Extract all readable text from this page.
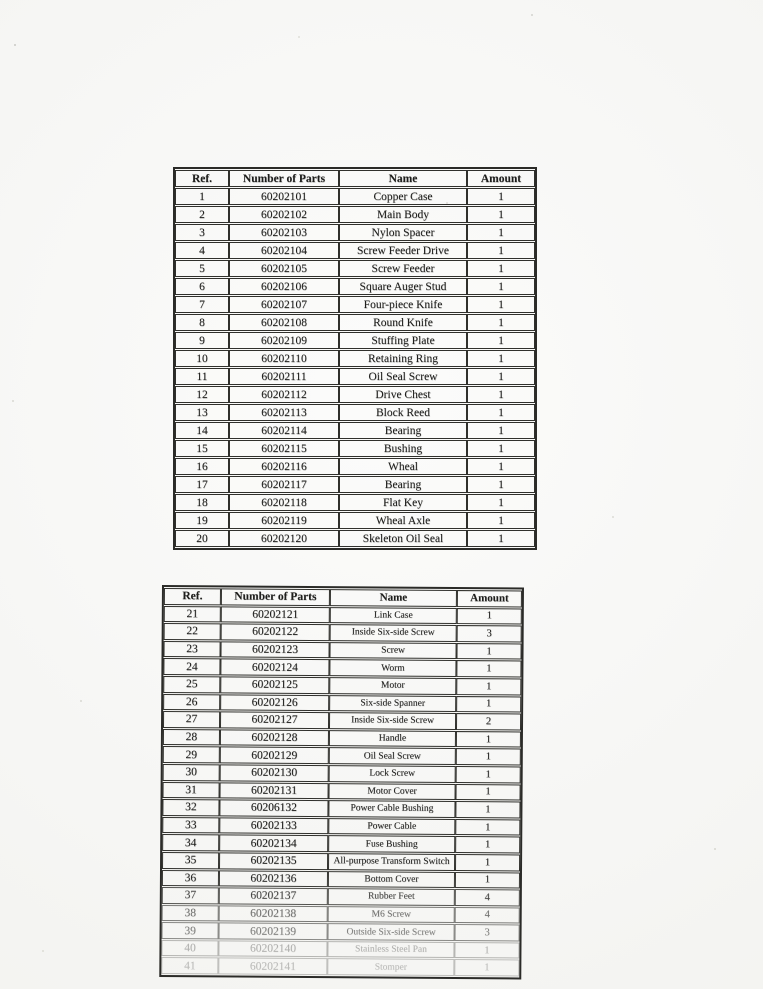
Ref.	Number of Parts	Name	Amount
1	60202101	Copper Case	1
2	60202102	Main Body	1
3	60202103	Nylon Spacer	1
4	60202104	Screw Feeder Drive	1
5	60202105	Screw Feeder	1
6	60202106	Square Auger Stud	1
7	60202107	Four-piece Knife	1
8	60202108	Round Knife	1
9	60202109	Stuffing Plate	1
10	60202110	Retaining Ring	1
11	60202111	Oil Seal Screw	1
12	60202112	Drive Chest	1
13	60202113	Block Reed	1
14	60202114	Bearing	1
15	60202115	Bushing	1
16	60202116	Wheal	1
17	60202117	Bearing	1
18	60202118	Flat Key	1
19	60202119	Wheal Axle	1
20	60202120	Skeleton Oil Seal	1
Ref.	Number of Parts	Name	Amount
21	60202121	Link Case	1
22	60202122	Inside Six-side Screw	3
23	60202123	Screw	1
24	60202124	Worm	1
25	60202125	Motor	1
26	60202126	Six-side Spanner	1
27	60202127	Inside Six-side Screw	2
28	60202128	Handle	1
29	60202129	Oil Seal Screw	1
30	60202130	Lock Screw	1
31	60202131	Motor Cover	1
32	60206132	Power Cable Bushing	1
33	60202133	Power Cable	1
34	60202134	Fuse Bushing	1
35	60202135	All-purpose Transform Switch	1
36	60202136	Bottom Cover	1
37	60202137	Rubber Feet	4
38	60202138	M6 Screw	4
39	60202139	Outside Six-side Screw	3
40	60202140	Stainless Steel Pan	1
41	60202141	Stomper	1
